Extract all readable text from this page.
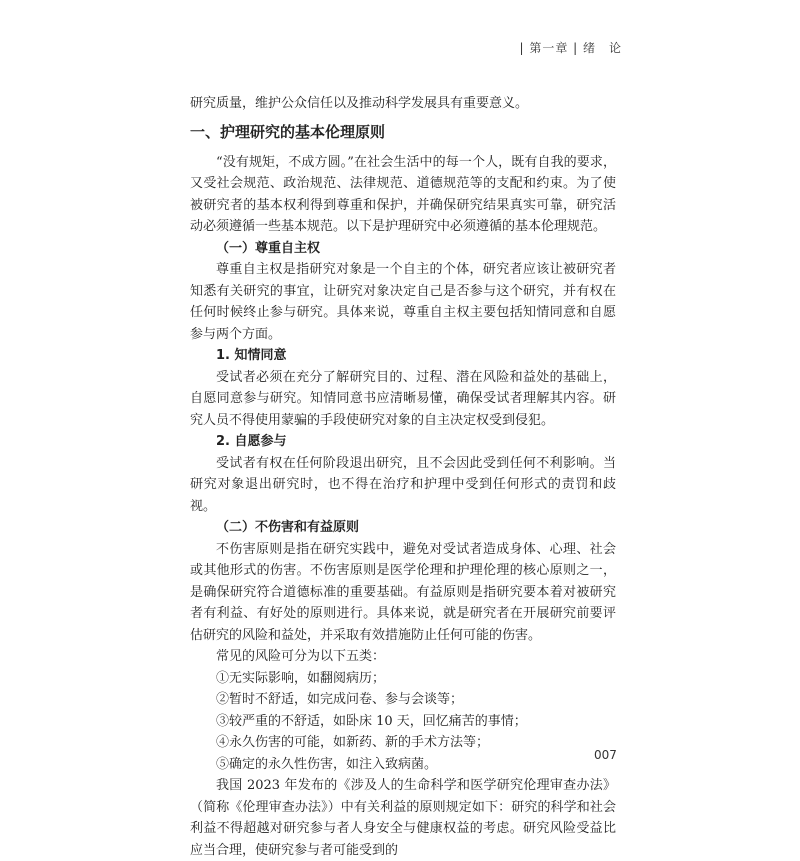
| 第一章 | 绪　论

研究质量，维护公众信任以及推动科学发展具有重要意义。

一、护理研究的基本伦理原则

“没有规矩，不成方圆。”在社会生活中的每一个人，既有自我的要求，又受社会规范、政治规范、法律规范、道德规范等的支配和约束。为了使被研究者的基本权利得到尊重和保护，并确保研究结果真实可靠，研究活动必须遵循一些基本规范。以下是护理研究中必须遵循的基本伦理规范。

（一）尊重自主权

尊重自主权是指研究对象是一个自主的个体，研究者应该让被研究者知悉有关研究的事宜，让研究对象决定自己是否参与这个研究，并有权在任何时候终止参与研究。具体来说，尊重自主权主要包括知情同意和自愿参与两个方面。

1. 知情同意

受试者必须在充分了解研究目的、过程、潜在风险和益处的基础上，自愿同意参与研究。知情同意书应清晰易懂，确保受试者理解其内容。研究人员不得使用蒙骗的手段使研究对象的自主决定权受到侵犯。

2. 自愿参与

受试者有权在任何阶段退出研究，且不会因此受到任何不利影响。当研究对象退出研究时，也不得在治疗和护理中受到任何形式的责罚和歧视。

（二）不伤害和有益原则

不伤害原则是指在研究实践中，避免对受试者造成身体、心理、社会或其他形式的伤害。不伤害原则是医学伦理和护理伦理的核心原则之一，是确保研究符合道德标准的重要基础。有益原则是指研究要本着对被研究者有利益、有好处的原则进行。具体来说，就是研究者在开展研究前要评估研究的风险和益处，并采取有效措施防止任何可能的伤害。

常见的风险可分为以下五类：

①无实际影响，如翻阅病历；

②暂时不舒适，如完成问卷、参与会谈等；

③较严重的不舒适，如卧床 10 天，回忆痛苦的事情；

④永久伤害的可能，如新药、新的手术方法等；

⑤确定的永久性伤害，如注入致病菌。

我国 2023 年发布的《涉及人的生命科学和医学研究伦理审查办法》（简称《伦理审查办法》）中有关利益的原则规定如下：研究的科学和社会利益不得超越对研究参与者人身安全与健康权益的考虑。研究风险受益比应当合理，使研究参与者可能受到的

007
